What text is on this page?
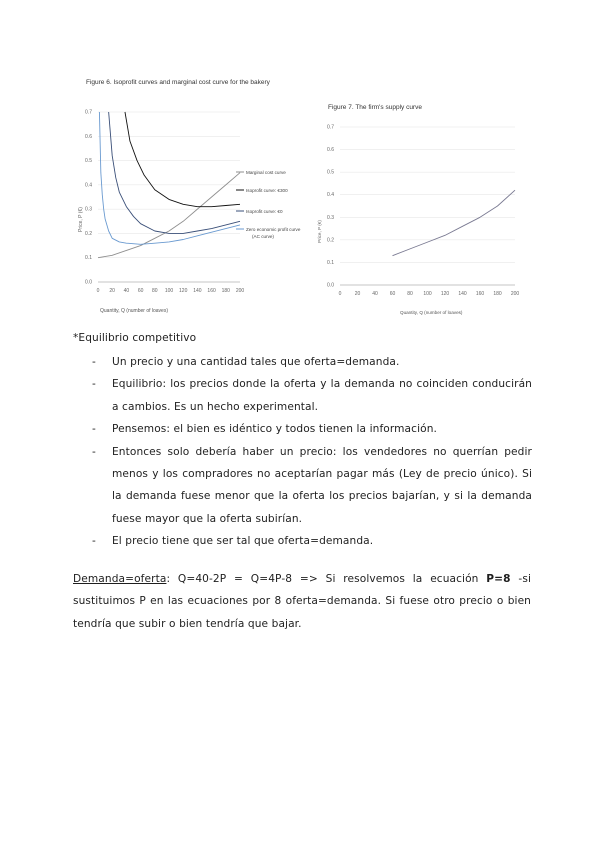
Figure 6. Isoprofit curves and marginal cost curve for the bakery
0.0
0.1
0.2
0.3
0.4
0.5
0.6
0.7
0 20 40 60 80 100 120 140 160 180 200
Price, P (€)
Quantity, Q (number of loaves)
Marginal cost curve
Isoprofit curve: €300
Isoprofit curve: €0
Zero economic profit curve
(AC curve)
Figure 7. The firm's supply curve
0.0
0.1
0.2
0.3
0.4
0.5
0.6
0.7
0	20 40 60 80 100 120 140 160 180 200
Price, P (€)
Quantity, Q (number of loaves)
*Equilibrio competitivo
- Un precio y una cantidad tales que oferta=demanda.
- Equilibrio: los precios donde la oferta y la demanda no coinciden conducirán a cambios. Es un hecho experimental.
- Pensemos: el bien es idéntico y todos tienen la información.
- Entonces solo debería haber un precio: los vendedores no querrían pedir menos y los compradores no aceptarían pagar más (Ley de precio único). Si la demanda fuese menor que la oferta los precios bajarían, y si la demanda fuese mayor que la oferta subirían.
- El precio tiene que ser tal que oferta=demanda.

Demanda=oferta: Q=40-2P = Q=4P-8 => Si resolvemos la ecuación P=8 -si sustituimos P en las ecuaciones por 8 oferta=demanda. Si fuese otro precio o bien tendría que subir o bien tendría que bajar.
